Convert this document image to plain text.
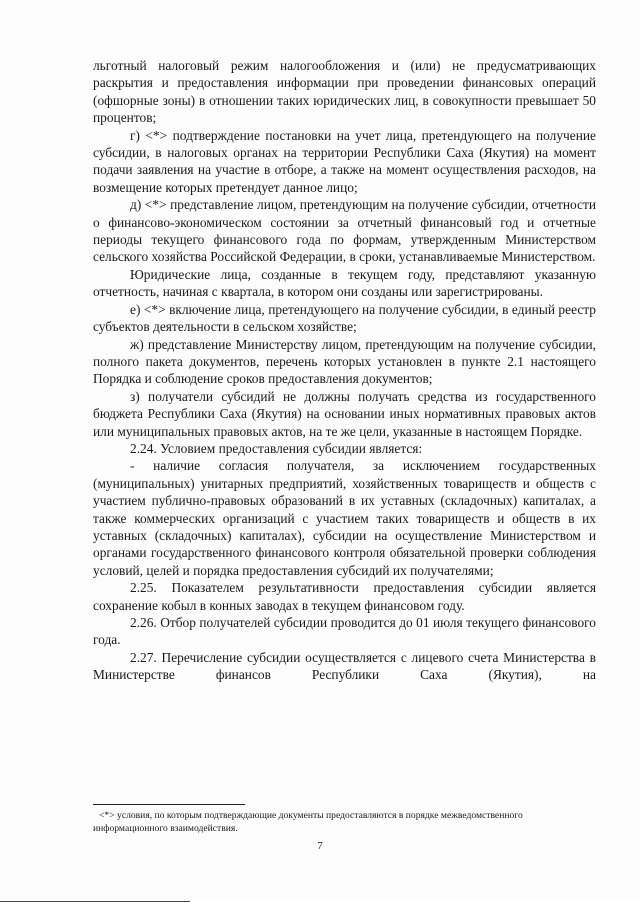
льготный налоговый режим налогообложения и (или) не предусматривающих раскрытия и предоставления информации при проведении финансовых операций (офшорные зоны) в отношении таких юридических лиц, в совокупности превышает 50 процентов;

г) <*> подтверждение постановки на учет лица, претендующего на получение субсидии, в налоговых органах на территории Республики Саха (Якутия) на момент подачи заявления на участие в отборе, а также на момент осуществления расходов, на возмещение которых претендует данное лицо;

д) <*> представление лицом, претендующим на получение субсидии, отчетности о финансово-экономическом состоянии за отчетный финансовый год и отчетные периоды текущего финансового года по формам, утвержденным Министерством сельского хозяйства Российской Федерации, в сроки, устанавливаемые Министерством.

Юридические лица, созданные в текущем году, представляют указанную отчетность, начиная с квартала, в котором они созданы или зарегистрированы.

е) <*> включение лица, претендующего на получение субсидии, в единый реестр субъектов деятельности в сельском хозяйстве;

ж) представление Министерству лицом, претендующим на получение субсидии, полного пакета документов, перечень которых установлен в пункте 2.1 настоящего Порядка и соблюдение сроков предоставления документов;

з) получатели субсидий не должны получать средства из государственного бюджета Республики Саха (Якутия) на основании иных нормативных правовых актов или муниципальных правовых актов, на те же цели, указанные в настоящем Порядке.

2.24. Условием предоставления субсидии является:

- наличие согласия получателя, за исключением государственных (муниципальных) унитарных предприятий, хозяйственных товариществ и обществ с участием публично-правовых образований в их уставных (складочных) капиталах, а также коммерческих организаций с участием таких товариществ и обществ в их уставных (складочных) капиталах), субсидии на осуществление Министерством и органами государственного финансового контроля обязательной проверки соблюдения условий, целей и порядка предоставления субсидий их получателями;

2.25. Показателем результативности предоставления субсидии является сохранение кобыл в конных заводах в текущем финансовом году.

2.26. Отбор получателей субсидии проводится до 01 июля текущего финансового года.

2.27. Перечисление субсидии осуществляется с лицевого счета Министерства в Министерстве финансов Республики Саха (Якутия), на

<*> условия, по которым подтверждающие документы предоставляются в порядке межведомственного информационного взаимодействия.

7
